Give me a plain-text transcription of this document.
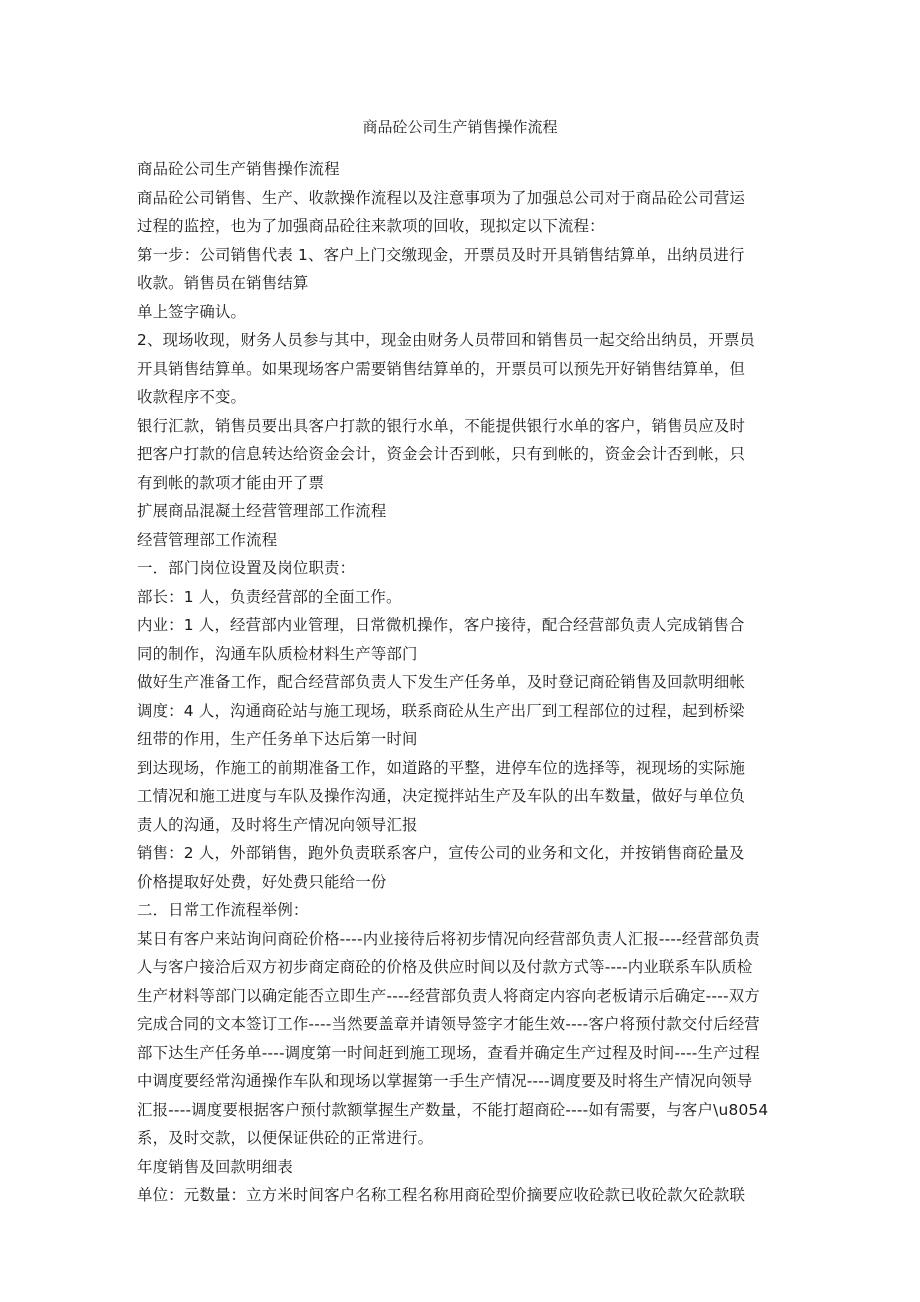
商品砼公司生产销售操作流程

商品砼公司生产销售操作流程

商品砼公司销售、生产、收款操作流程以及注意事项为了加强总公司对于商品砼公司营运

过程的监控，也为了加强商品砼往来款项的回收，现拟定以下流程：

第一步：公司销售代表 1、客户上门交缴现金，开票员及时开具销售结算单，出纳员进行

收款。销售员在销售结算

单上签字确认。

2、现场收现，财务人员参与其中，现金由财务人员带回和销售员一起交给出纳员，开票员

开具销售结算单。如果现场客户需要销售结算单的，开票员可以预先开好销售结算单，但

收款程序不变。

银行汇款，销售员要出具客户打款的银行水单，不能提供银行水单的客户，销售员应及时

把客户打款的信息转达给资金会计，资金会计否到帐，只有到帐的，资金会计否到帐，只

有到帐的款项才能由开了票

扩展商品混凝土经营管理部工作流程

经营管理部工作流程

一．部门岗位设置及岗位职责：

部长：1 人，负责经营部的全面工作。

内业：1 人，经营部内业管理，日常微机操作，客户接待，配合经营部负责人完成销售合

同的制作，沟通车队质检材料生产等部门

做好生产准备工作，配合经营部负责人下发生产任务单，及时登记商砼销售及回款明细帐

调度：4 人，沟通商砼站与施工现场，联系商砼从生产出厂到工程部位的过程，起到桥梁

纽带的作用，生产任务单下达后第一时间

到达现场，作施工的前期准备工作，如道路的平整，进停车位的选择等，视现场的实际施

工情况和施工进度与车队及操作沟通，决定搅拌站生产及车队的出车数量，做好与单位负

责人的沟通，及时将生产情况向领导汇报

销售：2 人，外部销售，跑外负责联系客户，宣传公司的业务和文化，并按销售商砼量及

价格提取好处费，好处费只能给一份

二．日常工作流程举例：

某日有客户来站询问商砼价格----内业接待后将初步情况向经营部负责人汇报----经营部负责

人与客户接洽后双方初步商定商砼的价格及供应时间以及付款方式等----内业联系车队质检

生产材料等部门以确定能否立即生产----经营部负责人将商定内容向老板请示后确定----双方

完成合同的文本签订工作----当然要盖章并请领导签字才能生效----客户将预付款交付后经营

部下达生产任务单----调度第一时间赶到施工现场，查看并确定生产过程及时间----生产过程

中调度要经常沟通操作车队和现场以掌握第一手生产情况----调度要及时将生产情况向领导

汇报----调度要根据客户预付款额掌握生产数量，不能打超商砼----如有需要，与客户\u8054

系，及时交款，以便保证供砼的正常进行。

年度销售及回款明细表

单位：元数量：立方米时间客户名称工程名称用商砼型价摘要应收砼款已收砼款欠砼款联
